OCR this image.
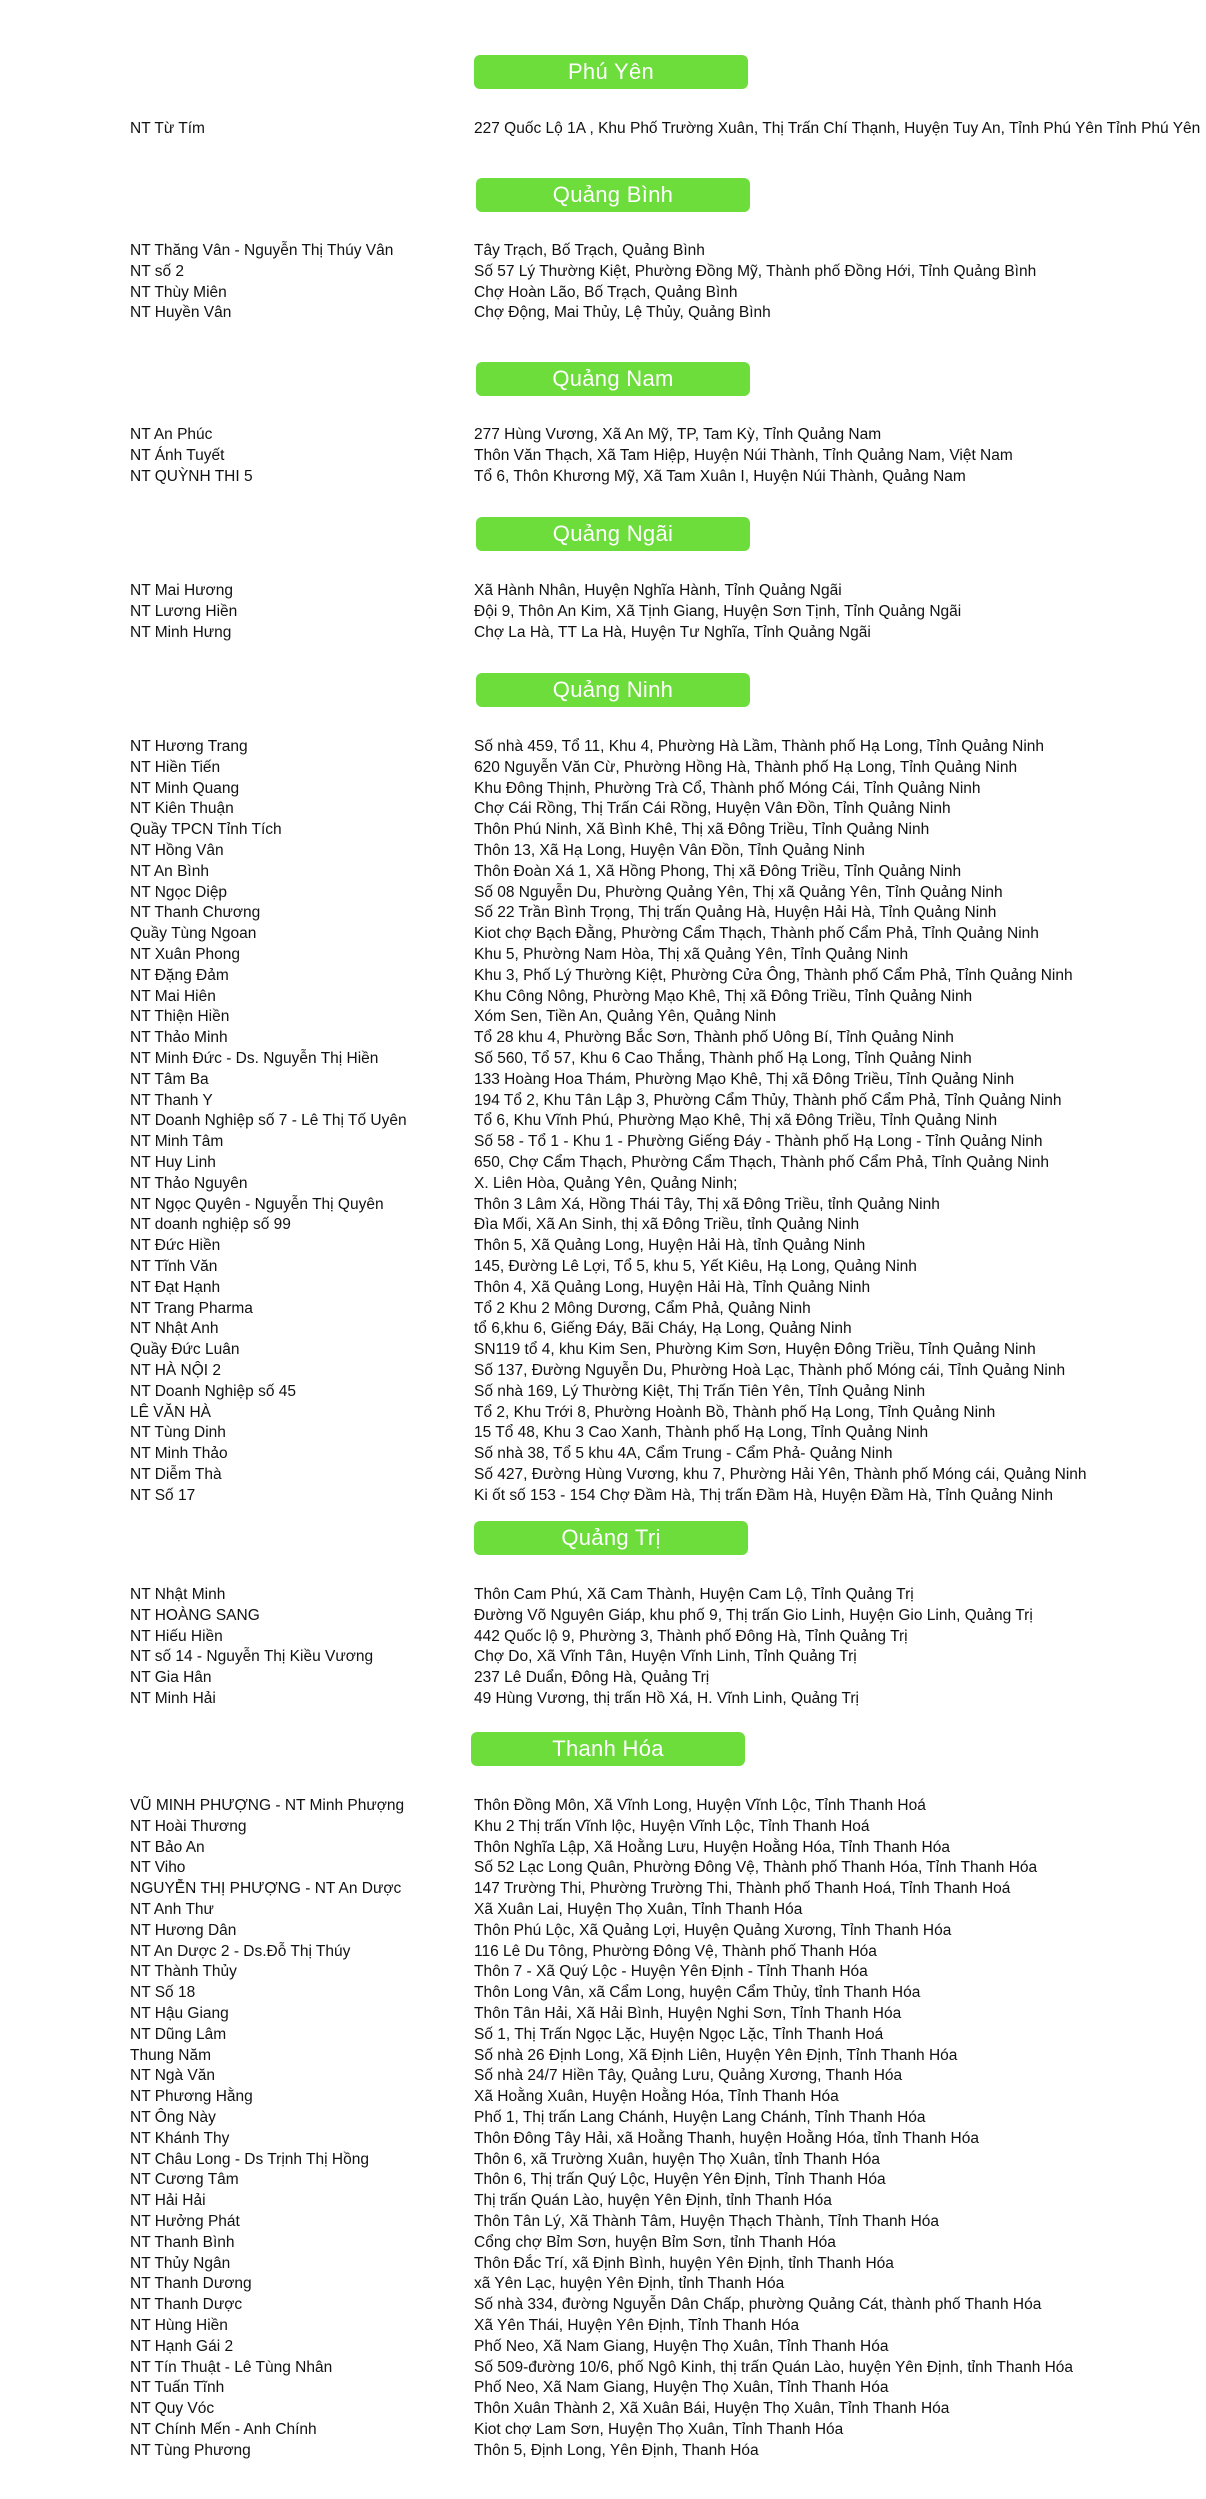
Phú Yên
NT Từ Tím	227 Quốc Lộ 1A , Khu Phố Trường Xuân, Thị Trấn Chí Thạnh, Huyện Tuy An, Tỉnh Phú Yên Tỉnh Phú Yên
Quảng Bình
NT Thăng Vân - Nguyễn Thị Thúy Vân	Tây Trạch, Bố Trạch, Quảng Bình
NT số 2	Số 57 Lý Thường Kiệt, Phường Đồng Mỹ, Thành phố Đồng Hới, Tỉnh Quảng Bình
NT Thùy Miên	Chợ Hoàn Lão, Bố Trạch, Quảng Bình
NT Huyền Vân	Chợ Động, Mai Thủy, Lệ Thủy, Quảng Bình
Quảng Nam
NT An Phúc	277 Hùng Vương, Xã An Mỹ, TP, Tam Kỳ, Tỉnh Quảng Nam
NT Ánh Tuyết	Thôn Văn Thạch, Xã Tam Hiệp, Huyện Núi Thành, Tỉnh Quảng Nam, Việt Nam
NT QUỲNH THI 5	Tổ 6, Thôn Khương Mỹ, Xã Tam Xuân I, Huyện Núi Thành, Quảng Nam
Quảng Ngãi
NT Mai Hương	Xã Hành Nhân, Huyện Nghĩa Hành, Tỉnh Quảng Ngãi
NT Lương Hiền	Đội 9, Thôn An Kim, Xã Tịnh Giang, Huyện Sơn Tịnh, Tỉnh Quảng Ngãi
NT Minh Hưng	Chợ La Hà, TT La Hà, Huyện Tư Nghĩa, Tỉnh Quảng Ngãi
Quảng Ninh
NT Hương Trang	Số nhà 459, Tổ 11, Khu 4, Phường Hà Lầm, Thành phố Hạ Long, Tỉnh Quảng Ninh
NT Hiền Tiến	620 Nguyễn Văn Cừ, Phường Hồng Hà, Thành phố Hạ Long, Tỉnh Quảng Ninh
NT Minh Quang	Khu Đông Thịnh, Phường Trà Cổ, Thành phố Móng Cái, Tỉnh Quảng Ninh
NT Kiên Thuận	Chợ Cái Rồng, Thị Trấn Cái Rồng, Huyện Vân Đồn, Tỉnh Quảng Ninh
Quầy TPCN Tỉnh Tích	Thôn Phú Ninh, Xã Bình Khê, Thị xã Đông Triều, Tỉnh Quảng Ninh
NT Hồng Vân	Thôn 13, Xã Hạ Long, Huyện Vân Đồn, Tỉnh Quảng Ninh
NT An Bình	Thôn Đoàn Xá 1, Xã Hồng Phong, Thị xã Đông Triều, Tỉnh Quảng Ninh
NT Ngọc Diệp	Số 08 Nguyễn Du, Phường Quảng Yên, Thị xã Quảng Yên, Tỉnh Quảng Ninh
NT Thanh Chương	Số 22 Trần Bình Trọng, Thị trấn Quảng Hà, Huyện Hải Hà, Tỉnh Quảng Ninh
Quầy Tùng Ngoan	Kiot chợ Bạch Đằng, Phường Cẩm Thạch, Thành phố Cẩm Phả, Tỉnh Quảng Ninh
NT Xuân Phong	Khu 5, Phường Nam Hòa, Thị xã Quảng Yên, Tỉnh Quảng Ninh
NT Đặng Đảm	Khu 3, Phố Lý Thường Kiệt, Phường Cửa Ông, Thành phố Cẩm Phả, Tỉnh Quảng Ninh
NT Mai Hiên	Khu Công Nông, Phường Mạo Khê, Thị xã Đông Triều, Tỉnh Quảng Ninh
NT Thiện Hiền	Xóm Sen, Tiền An, Quảng Yên, Quảng Ninh
NT Thảo Minh	Tổ 28 khu 4, Phường Bắc Sơn, Thành phố Uông Bí, Tỉnh Quảng Ninh
NT Minh Đức - Ds. Nguyễn Thị Hiền	Số 560, Tổ 57, Khu 6 Cao Thắng, Thành phố Hạ Long, Tỉnh Quảng Ninh
NT Tâm Ba	133 Hoàng Hoa Thám, Phường Mạo Khê, Thị xã Đông Triều, Tỉnh Quảng Ninh
NT Thanh Y	194 Tổ 2, Khu Tân Lập 3, Phường Cẩm Thủy, Thành phố Cẩm Phả, Tỉnh Quảng Ninh
NT Doanh Nghiệp số 7 - Lê Thị Tố Uyên	Tổ 6, Khu Vĩnh Phú, Phường Mạo Khê, Thị xã Đông Triều, Tỉnh Quảng Ninh
NT Minh Tâm	Số 58 - Tổ 1 - Khu 1 - Phường Giếng Đáy - Thành phố Hạ Long - Tỉnh Quảng Ninh
NT Huy Linh	650, Chợ Cẩm Thạch, Phường Cẩm Thạch, Thành phố Cẩm Phả, Tỉnh Quảng Ninh
NT Thảo Nguyên	X. Liên Hòa, Quảng Yên, Quảng Ninh;
NT Ngọc Quyên - Nguyễn Thị Quyên	Thôn 3 Lâm Xá, Hồng Thái Tây, Thị xã Đông Triều, tỉnh Quảng Ninh
NT doanh nghiệp số 99	Đìa Mối, Xã An Sinh, thị xã Đông Triều, tỉnh Quảng Ninh
NT Đức Hiền	Thôn 5, Xã Quảng Long, Huyện Hải Hà, tỉnh Quảng Ninh
NT Tĩnh Văn	145, Đường Lê Lợi, Tổ 5, khu 5, Yết Kiêu, Hạ Long, Quảng Ninh
NT Đạt Hạnh	Thôn 4, Xã Quảng Long, Huyện Hải Hà, Tỉnh Quảng Ninh
NT Trang Pharma	Tổ 2 Khu 2 Mông Dương, Cẩm Phả, Quảng Ninh
NT Nhật Anh	tổ 6,khu 6, Giếng Đáy, Bãi Cháy, Hạ Long, Quảng Ninh
Quầy Đức Luân	SN119 tổ 4, khu Kim Sen, Phường Kim Sơn, Huyện Đông Triều, Tỉnh Quảng Ninh
NT HÀ NỘI 2	Số 137, Đường Nguyễn Du, Phường Hoà Lạc, Thành phố Móng cái, Tỉnh Quảng Ninh
NT Doanh Nghiệp số 45	Số nhà 169, Lý Thường Kiệt, Thị Trấn Tiên Yên, Tỉnh Quảng Ninh
LÊ VĂN HÀ	Tổ 2, Khu Trới 8, Phường Hoành Bồ, Thành phố Hạ Long, Tỉnh Quảng Ninh
NT Tùng Dinh	15 Tổ 48, Khu 3 Cao Xanh, Thành phố Hạ Long, Tỉnh Quảng Ninh
NT Minh Thảo	Số nhà 38, Tổ 5 khu 4A, Cẩm Trung - Cẩm Phả- Quảng Ninh
NT Diễm Thà	Số 427, Đường Hùng Vương, khu 7, Phường Hải Yên, Thành phố Móng cái, Quảng Ninh
NT Số 17	Ki ốt số 153 - 154 Chợ Đầm Hà, Thị trấn Đầm Hà, Huyện Đầm Hà, Tỉnh Quảng Ninh
Quảng Trị
NT Nhật Minh	Thôn Cam Phú, Xã Cam Thành, Huyện Cam Lộ, Tỉnh Quảng Trị
NT HOÀNG SANG	Đường Võ Nguyên Giáp, khu phố 9, Thị trấn Gio Linh, Huyện Gio Linh, Quảng Trị
NT Hiếu Hiền	442 Quốc lộ 9, Phường 3, Thành phố Đông Hà, Tỉnh Quảng Trị
NT số 14 - Nguyễn Thị Kiều Vương	Chợ Do, Xã Vĩnh Tân, Huyện Vĩnh Linh, Tỉnh Quảng Trị
NT Gia Hân	237 Lê Duẩn, Đông Hà, Quảng Trị
NT Minh Hải	49 Hùng Vương, thị trấn Hồ Xá, H. Vĩnh Linh, Quảng Trị
Thanh Hóa
VŨ MINH PHƯỢNG - NT Minh Phượng	Thôn Đồng Môn, Xã Vĩnh Long, Huyện Vĩnh Lộc, Tỉnh Thanh Hoá
NT Hoài Thương	Khu 2 Thị trấn Vĩnh lộc, Huyện Vĩnh Lộc, Tỉnh Thanh Hoá
NT Bảo An	Thôn Nghĩa Lập, Xã Hoằng Lưu, Huyện Hoằng Hóa, Tỉnh Thanh Hóa
NT Viho	Số 52 Lạc Long Quân, Phường Đông Vệ, Thành phố Thanh Hóa, Tỉnh Thanh Hóa
NGUYỄN THỊ PHƯỢNG - NT An Dược	147 Trường Thi, Phường Trường Thi, Thành phố Thanh Hoá, Tỉnh Thanh Hoá
NT Anh Thư	Xã Xuân Lai, Huyện Thọ Xuân, Tỉnh Thanh Hóa
NT Hương Dân	Thôn Phú Lộc, Xã Quảng Lợi, Huyện Quảng Xương, Tỉnh Thanh Hóa
NT An Dược 2 - Ds.Đỗ Thị Thúy	116 Lê Du Tông, Phường Đông Vệ, Thành phố Thanh Hóa
NT Thành Thủy	Thôn 7 - Xã Quý Lộc - Huyện Yên Định - Tỉnh Thanh Hóa
NT Số 18	Thôn Long Vân, xã Cẩm Long, huyện Cẩm Thủy, tỉnh Thanh Hóa
NT Hậu Giang	Thôn Tân Hải, Xã Hải Bình, Huyện Nghi Sơn, Tỉnh Thanh Hóa
NT Dũng Lâm	Số 1, Thị Trấn Ngọc Lặc, Huyện Ngọc Lặc, Tỉnh Thanh Hoá
Thung Năm	Số nhà 26 Định Long, Xã Định Liên, Huyện Yên Định, Tỉnh Thanh Hóa
NT Ngà Văn	Số nhà 24/7 Hiền Tây, Quảng Lưu, Quảng Xương, Thanh Hóa
NT Phương Hằng	Xã Hoằng Xuân, Huyện Hoằng Hóa, Tỉnh Thanh Hóa
NT Ông Này	Phố 1, Thị trấn Lang Chánh, Huyện Lang Chánh, Tỉnh Thanh Hóa
NT Khánh Thy	Thôn Đông Tây Hải, xã Hoằng Thanh, huyện Hoằng Hóa, tỉnh Thanh Hóa
NT Châu Long - Ds Trịnh Thị Hồng	Thôn 6, xã Trường Xuân, huyện Thọ Xuân, tỉnh Thanh Hóa
NT Cương Tâm	Thôn 6, Thị trấn Quý Lộc, Huyện Yên Định, Tỉnh Thanh Hóa
NT Hải Hải	Thị trấn Quán Lào, huyện Yên Định, tỉnh Thanh Hóa
NT Hưởng Phát	Thôn Tân Lý, Xã Thành Tâm, Huyện Thạch Thành, Tỉnh Thanh Hóa
NT Thanh Bình	Cổng chợ Bỉm Sơn, huyện Bỉm Sơn, tỉnh Thanh Hóa
NT Thủy Ngân	Thôn Đắc Trí, xã Định Bình, huyện Yên Định, tỉnh Thanh Hóa
NT Thanh Dương	xã Yên Lạc, huyện Yên Định, tỉnh Thanh Hóa
NT Thanh Dược	Số nhà 334, đường Nguyễn Dân Chấp, phường Quảng Cát, thành phố Thanh Hóa
NT Hùng Hiền	Xã Yên Thái, Huyện Yên Định, Tỉnh Thanh Hóa
NT Hạnh Gái 2	Phố Neo, Xã Nam Giang, Huyện Thọ Xuân, Tỉnh Thanh Hóa
NT Tín Thuật - Lê Tùng Nhân	Số 509-đường 10/6, phố Ngô Kinh, thị trấn Quán Lào, huyện Yên Định, tỉnh Thanh Hóa
NT Tuấn Tĩnh	Phố Neo, Xã Nam Giang, Huyện Thọ Xuân, Tỉnh Thanh Hóa
NT Quy Vóc	Thôn Xuân Thành 2, Xã Xuân Bái, Huyện Thọ Xuân, Tỉnh Thanh Hóa
NT Chính Mến - Anh Chính	Kiot chợ Lam Sơn, Huyện Thọ Xuân, Tỉnh Thanh Hóa
NT Tùng Phương	Thôn 5, Định Long, Yên Định, Thanh Hóa
